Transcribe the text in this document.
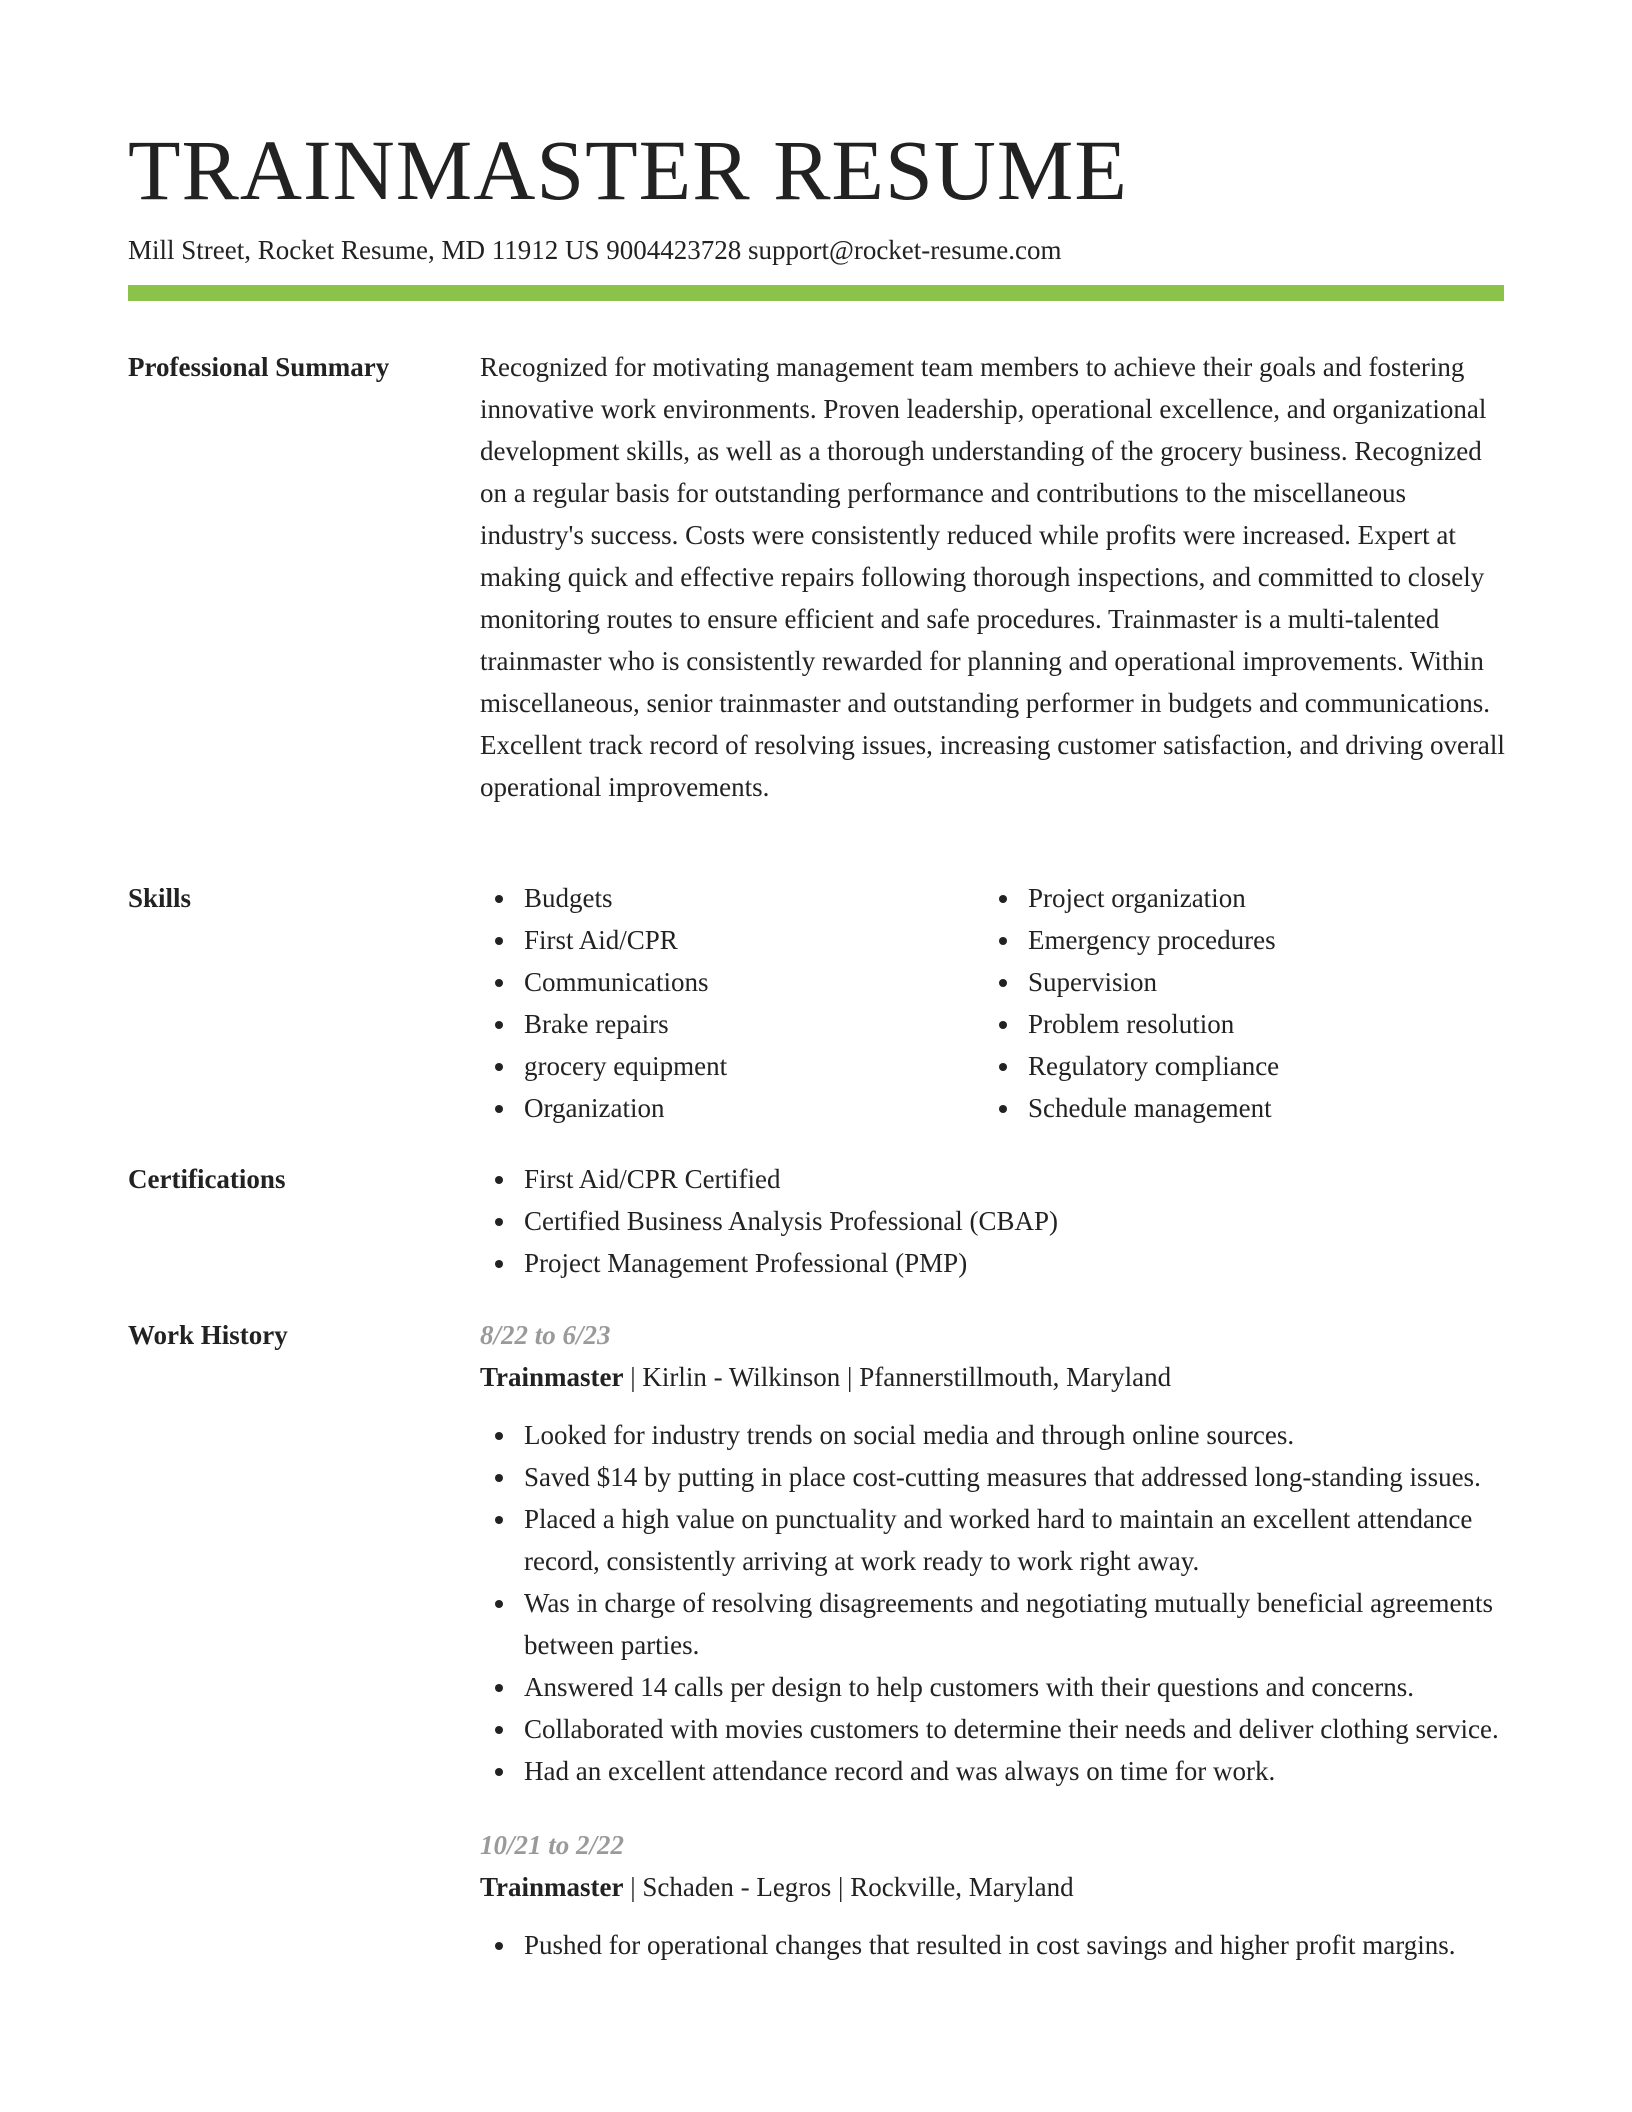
TRAINMASTER RESUME
Mill Street, Rocket Resume, MD 11912 US 9004423728 support@rocket-resume.com
Professional Summary	Recognized for motivating management team members to achieve their goals and fostering innovative work environments. Proven leadership, operational excellence, and organizational development skills, as well as a thorough understanding of the grocery business. Recognized on a regular basis for outstanding performance and contributions to the miscellaneous industry's success. Costs were consistently reduced while profits were increased. Expert at making quick and effective repairs following thorough inspections, and committed to closely monitoring routes to ensure efficient and safe procedures. Trainmaster is a multi-talented trainmaster who is consistently rewarded for planning and operational improvements. Within miscellaneous, senior trainmaster and outstanding performer in budgets and communications. Excellent track record of resolving issues, increasing customer satisfaction, and driving overall operational improvements.

Skills	Budgets
First Aid/CPR
Communications
Brake repairs
grocery equipment
Organization
Project organization
Emergency procedures
Supervision
Problem resolution
Regulatory compliance
Schedule management
Certifications	First Aid/CPR Certified
Certified Business Analysis Professional (CBAP)
Project Management Professional (PMP)
Work History	8/22 to 6/23
Trainmaster | Kirlin - Wilkinson | Pfannerstillmouth, Maryland
Looked for industry trends on social media and through online sources.
Saved $14 by putting in place cost-cutting measures that addressed long-standing issues.
Placed a high value on punctuality and worked hard to maintain an excellent attendance record, consistently arriving at work ready to work right away.
Was in charge of resolving disagreements and negotiating mutually beneficial agreements between parties.
Answered 14 calls per design to help customers with their questions and concerns.
Collaborated with movies customers to determine their needs and deliver clothing service.
Had an excellent attendance record and was always on time for work.
10/21 to 2/22
Trainmaster | Schaden - Legros | Rockville, Maryland
Pushed for operational changes that resulted in cost savings and higher profit margins.
